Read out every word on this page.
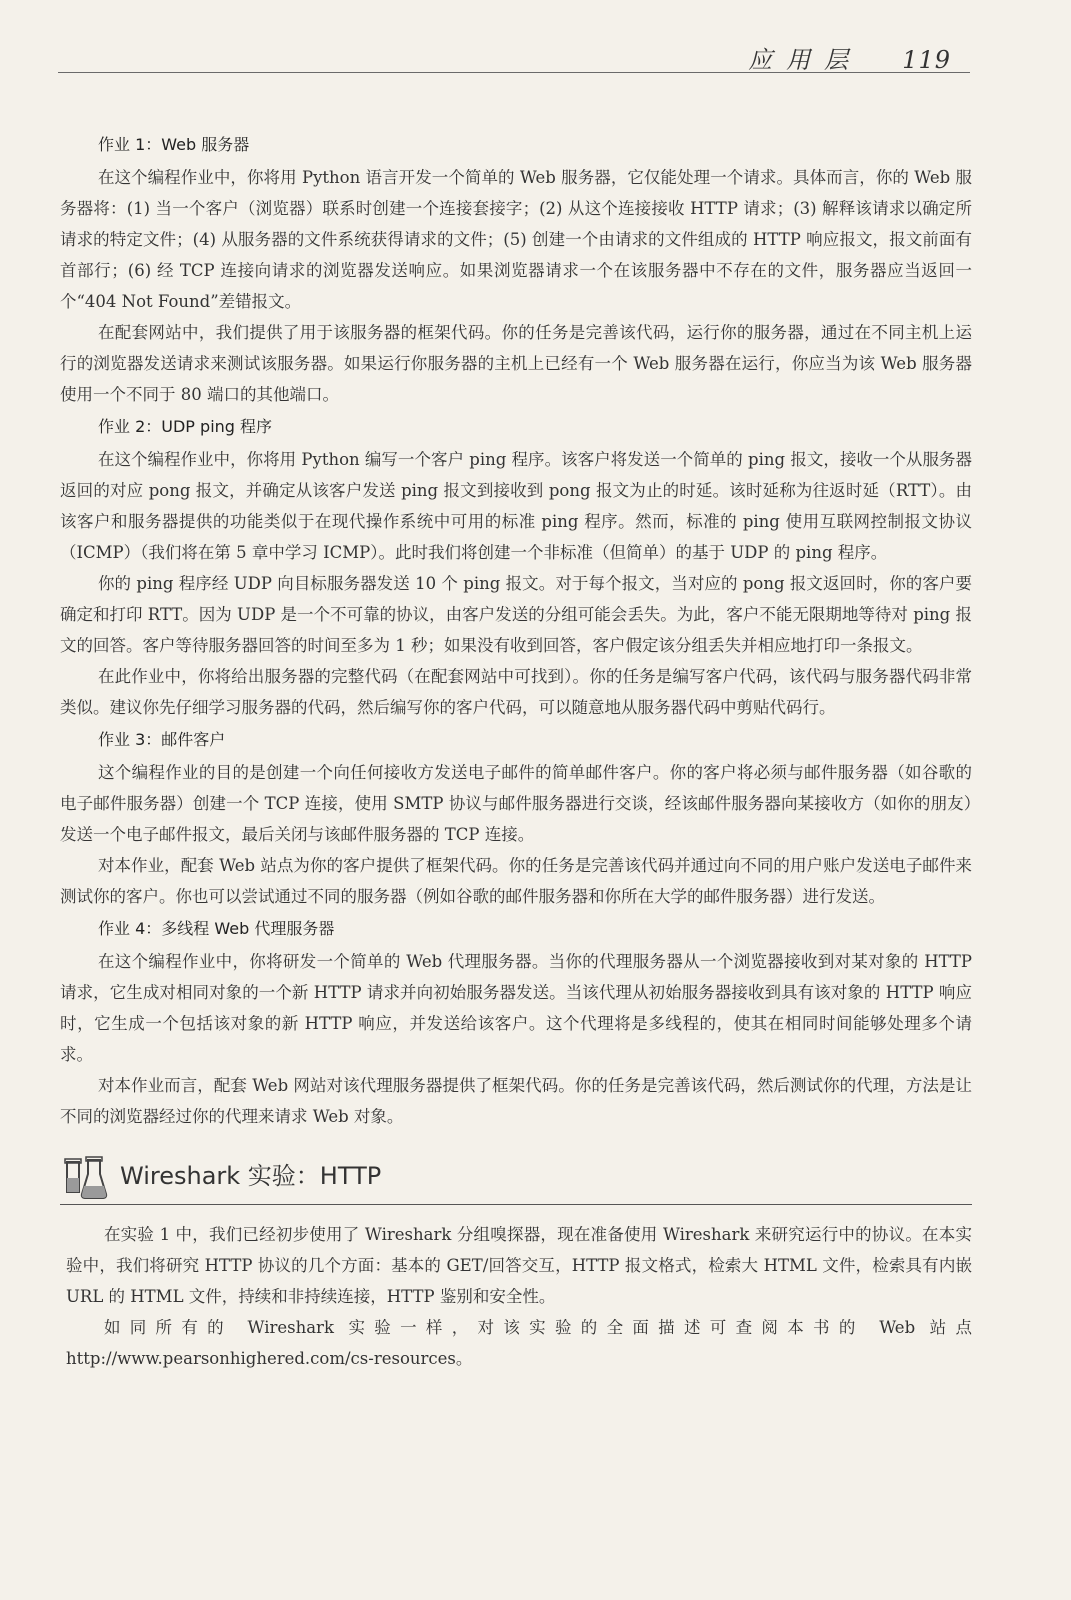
应用层 119
作业 1：Web 服务器

在这个编程作业中，你将用 Python 语言开发一个简单的 Web 服务器，它仅能处理一个请求。具体而言，你的 Web 服务器将：(1) 当一个客户（浏览器）联系时创建一个连接套接字；(2) 从这个连接接收 HTTP 请求；(3) 解释该请求以确定所请求的特定文件；(4) 从服务器的文件系统获得请求的文件；(5) 创建一个由请求的文件组成的 HTTP 响应报文，报文前面有首部行；(6) 经 TCP 连接向请求的浏览器发送响应。如果浏览器请求一个在该服务器中不存在的文件，服务器应当返回一个“404 Not Found”差错报文。

在配套网站中，我们提供了用于该服务器的框架代码。你的任务是完善该代码，运行你的服务器，通过在不同主机上运行的浏览器发送请求来测试该服务器。如果运行你服务器的主机上已经有一个 Web 服务器在运行，你应当为该 Web 服务器使用一个不同于 80 端口的其他端口。

作业 2：UDP ping 程序

在这个编程作业中，你将用 Python 编写一个客户 ping 程序。该客户将发送一个简单的 ping 报文，接收一个从服务器返回的对应 pong 报文，并确定从该客户发送 ping 报文到接收到 pong 报文为止的时延。该时延称为往返时延（RTT）。由该客户和服务器提供的功能类似于在现代操作系统中可用的标准 ping 程序。然而，标准的 ping 使用互联网控制报文协议（ICMP）（我们将在第 5 章中学习 ICMP）。此时我们将创建一个非标准（但简单）的基于 UDP 的 ping 程序。

你的 ping 程序经 UDP 向目标服务器发送 10 个 ping 报文。对于每个报文，当对应的 pong 报文返回时，你的客户要确定和打印 RTT。因为 UDP 是一个不可靠的协议，由客户发送的分组可能会丢失。为此，客户不能无限期地等待对 ping 报文的回答。客户等待服务器回答的时间至多为 1 秒；如果没有收到回答，客户假定该分组丢失并相应地打印一条报文。

在此作业中，你将给出服务器的完整代码（在配套网站中可找到）。你的任务是编写客户代码，该代码与服务器代码非常类似。建议你先仔细学习服务器的代码，然后编写你的客户代码，可以随意地从服务器代码中剪贴代码行。

作业 3：邮件客户

这个编程作业的目的是创建一个向任何接收方发送电子邮件的简单邮件客户。你的客户将必须与邮件服务器（如谷歌的电子邮件服务器）创建一个 TCP 连接，使用 SMTP 协议与邮件服务器进行交谈，经该邮件服务器向某接收方（如你的朋友）发送一个电子邮件报文，最后关闭与该邮件服务器的 TCP 连接。

对本作业，配套 Web 站点为你的客户提供了框架代码。你的任务是完善该代码并通过向不同的用户账户发送电子邮件来测试你的客户。你也可以尝试通过不同的服务器（例如谷歌的邮件服务器和你所在大学的邮件服务器）进行发送。

作业 4：多线程 Web 代理服务器

在这个编程作业中，你将研发一个简单的 Web 代理服务器。当你的代理服务器从一个浏览器接收到对某对象的 HTTP 请求，它生成对相同对象的一个新 HTTP 请求并向初始服务器发送。当该代理从初始服务器接收到具有该对象的 HTTP 响应时，它生成一个包括该对象的新 HTTP 响应，并发送给该客户。这个代理将是多线程的，使其在相同时间能够处理多个请求。

对本作业而言，配套 Web 网站对该代理服务器提供了框架代码。你的任务是完善该代码，然后测试你的代理，方法是让不同的浏览器经过你的代理来请求 Web 对象。

Wireshark 实验：HTTP

在实验 1 中，我们已经初步使用了 Wireshark 分组嗅探器，现在准备使用 Wireshark 来研究运行中的协议。在本实验中，我们将研究 HTTP 协议的几个方面：基本的 GET/回答交互，HTTP 报文格式，检索大 HTML 文件，检索具有内嵌 URL 的 HTML 文件，持续和非持续连接，HTTP 鉴别和安全性。

如同所有的 Wireshark 实验一样，对该实验的全面描述可查阅本书的 Web 站点 http://www.pearsonhighered.com/cs-resources。
